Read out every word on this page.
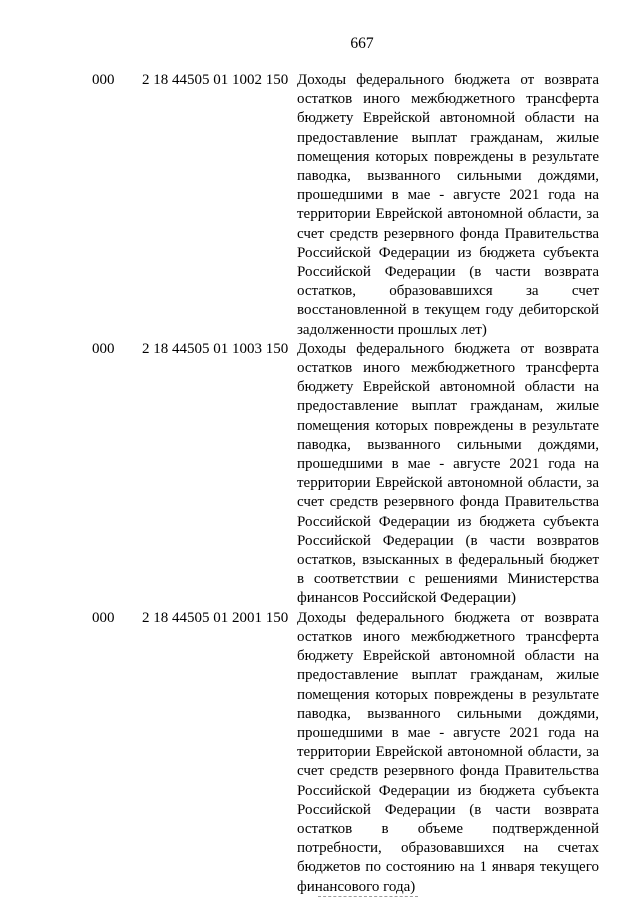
667
000 2 18 44505 01 1002 150 Доходы федерального бюджета от возврата остатков иного межбюджетного трансферта бюджету Еврейской автономной области на предоставление выплат гражданам, жилые помещения которых повреждены в результате паводка, вызванного сильными дождями, прошедшими в мае - августе 2021 года на территории Еврейской автономной области, за счет средств резервного фонда Правительства Российской Федерации из бюджета субъекта Российской Федерации (в части возврата остатков, образовавшихся за счет восстановленной в текущем году дебиторской задолженности прошлых лет)
000 2 18 44505 01 1003 150 Доходы федерального бюджета от возврата остатков иного межбюджетного трансферта бюджету Еврейской автономной области на предоставление выплат гражданам, жилые помещения которых повреждены в результате паводка, вызванного сильными дождями, прошедшими в мае - августе 2021 года на территории Еврейской автономной области, за счет средств резервного фонда Правительства Российской Федерации из бюджета субъекта Российской Федерации (в части возвратов остатков, взысканных в федеральный бюджет в соответствии с решениями Министерства финансов Российской Федерации)
000 2 18 44505 01 2001 150 Доходы федерального бюджета от возврата остатков иного межбюджетного трансферта бюджету Еврейской автономной области на предоставление выплат гражданам, жилые помещения которых повреждены в результате паводка, вызванного сильными дождями, прошедшими в мае - августе 2021 года на территории Еврейской автономной области, за счет средств резервного фонда Правительства Российской Федерации из бюджета субъекта Российской Федерации (в части возврата остатков в объеме подтвержденной потребности, образовавшихся на счетах бюджетов по состоянию на 1 января текущего финансового года)
